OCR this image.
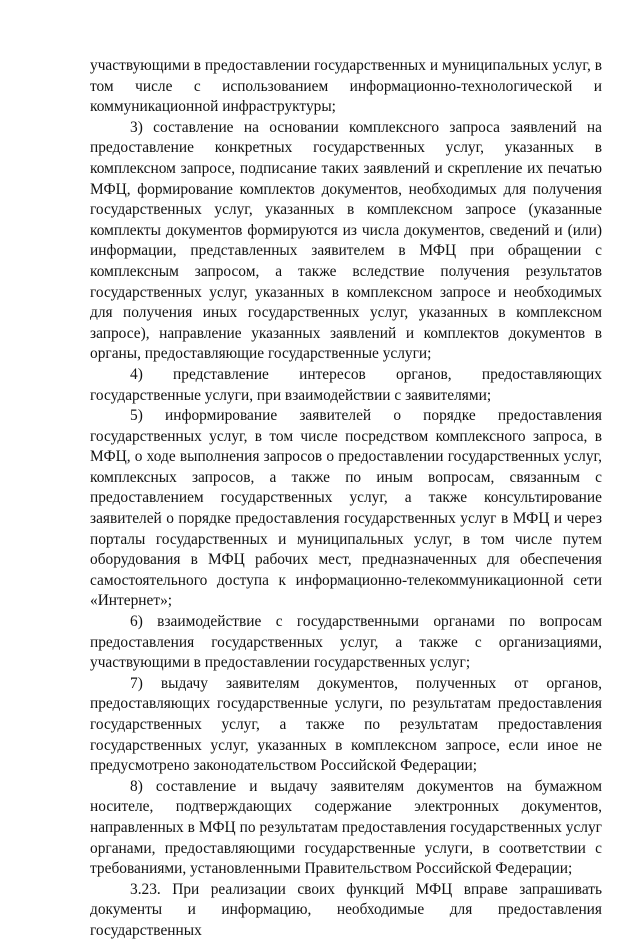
участвующими в предоставлении государственных и муниципальных услуг, в том числе с использованием информационно-технологической и коммуникационной инфраструктуры;

3) составление на основании комплексного запроса заявлений на предоставление конкретных государственных услуг, указанных в комплексном запросе, подписание таких заявлений и скрепление их печатью МФЦ, формирование комплектов документов, необходимых для получения государственных услуг, указанных в комплексном запросе (указанные комплекты документов формируются из числа документов, сведений и (или) информации, представленных заявителем в МФЦ при обращении с комплексным запросом, а также вследствие получения результатов государственных услуг, указанных в комплексном запросе и необходимых для получения иных государственных услуг, указанных в комплексном запросе), направление указанных заявлений и комплектов документов в органы, предоставляющие государственные услуги;

4) представление интересов органов, предоставляющих государственные услуги, при взаимодействии с заявителями;

5) информирование заявителей о порядке предоставления государственных услуг, в том числе посредством комплексного запроса, в МФЦ, о ходе выполнения запросов о предоставлении государственных услуг, комплексных запросов, а также по иным вопросам, связанным с предоставлением государственных услуг, а также консультирование заявителей о порядке предоставления государственных услуг в МФЦ и через порталы государственных и муниципальных услуг, в том числе путем оборудования в МФЦ рабочих мест, предназначенных для обеспечения самостоятельного доступа к информационно-телекоммуникационной сети «Интернет»;

6) взаимодействие с государственными органами по вопросам предоставления государственных услуг, а также с организациями, участвующими в предоставлении государственных услуг;

7) выдачу заявителям документов, полученных от органов, предоставляющих государственные услуги, по результатам предоставления государственных услуг, а также по результатам предоставления государственных услуг, указанных в комплексном запросе, если иное не предусмотрено законодательством Российской Федерации;

8) составление и выдачу заявителям документов на бумажном носителе, подтверждающих содержание электронных документов, направленных в МФЦ по результатам предоставления государственных услуг органами, предоставляющими государственные услуги, в соответствии с требованиями, установленными Правительством Российской Федерации;

3.23. При реализации своих функций МФЦ вправе запрашивать документы и информацию, необходимые для предоставления государственных
